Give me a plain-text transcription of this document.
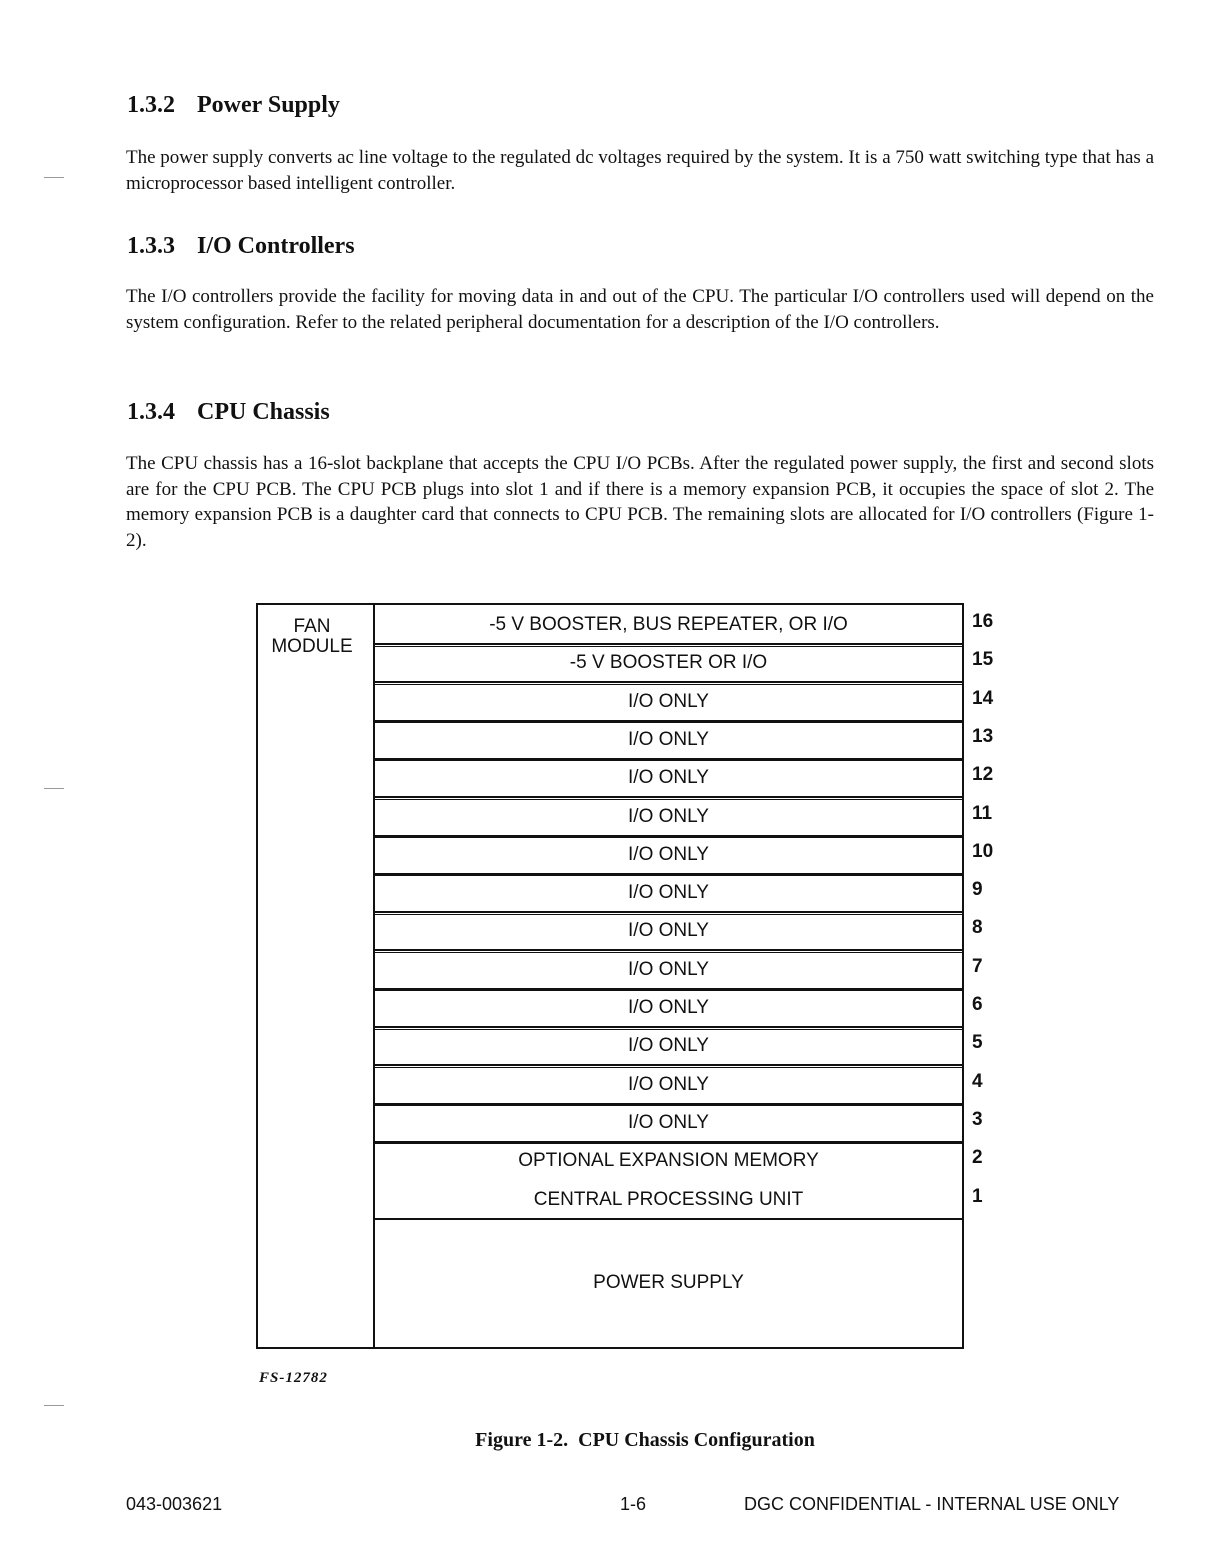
1.3.2 Power Supply

The power supply converts ac line voltage to the regulated dc voltages required by the system. It is a 750 watt switching type that has a microprocessor based intelligent controller.

1.3.3 I/O Controllers

The I/O controllers provide the facility for moving data in and out of the CPU. The particular I/O controllers used will depend on the system configuration. Refer to the related peripheral documentation for a description of the I/O controllers.

1.3.4 CPU Chassis

The CPU chassis has a 16-slot backplane that accepts the CPU I/O PCBs. After the regulated power supply, the first and second slots are for the CPU PCB. The CPU PCB plugs into slot 1 and if there is a memory expansion PCB, it occupies the space of slot 2. The memory expansion PCB is a daughter card that connects to CPU PCB. The remaining slots are allocated for I/O controllers (Figure 1-2).

FAN
MODULE
-5 V BOOSTER, BUS REPEATER, OR I/O
-5 V BOOSTER OR I/O
I/O ONLY
I/O ONLY
I/O ONLY
I/O ONLY
I/O ONLY
I/O ONLY
I/O ONLY
I/O ONLY
I/O ONLY
I/O ONLY
I/O ONLY
I/O ONLY
OPTIONAL EXPANSION MEMORY
CENTRAL PROCESSING UNIT
POWER SUPPLY
16
15
14
13
12
11
10
9
8
7
6
5
4
3
2
1
FS-12782
Figure 1-2.  CPU Chassis Configuration
043-003621	1-6	DGC CONFIDENTIAL - INTERNAL USE ONLY
